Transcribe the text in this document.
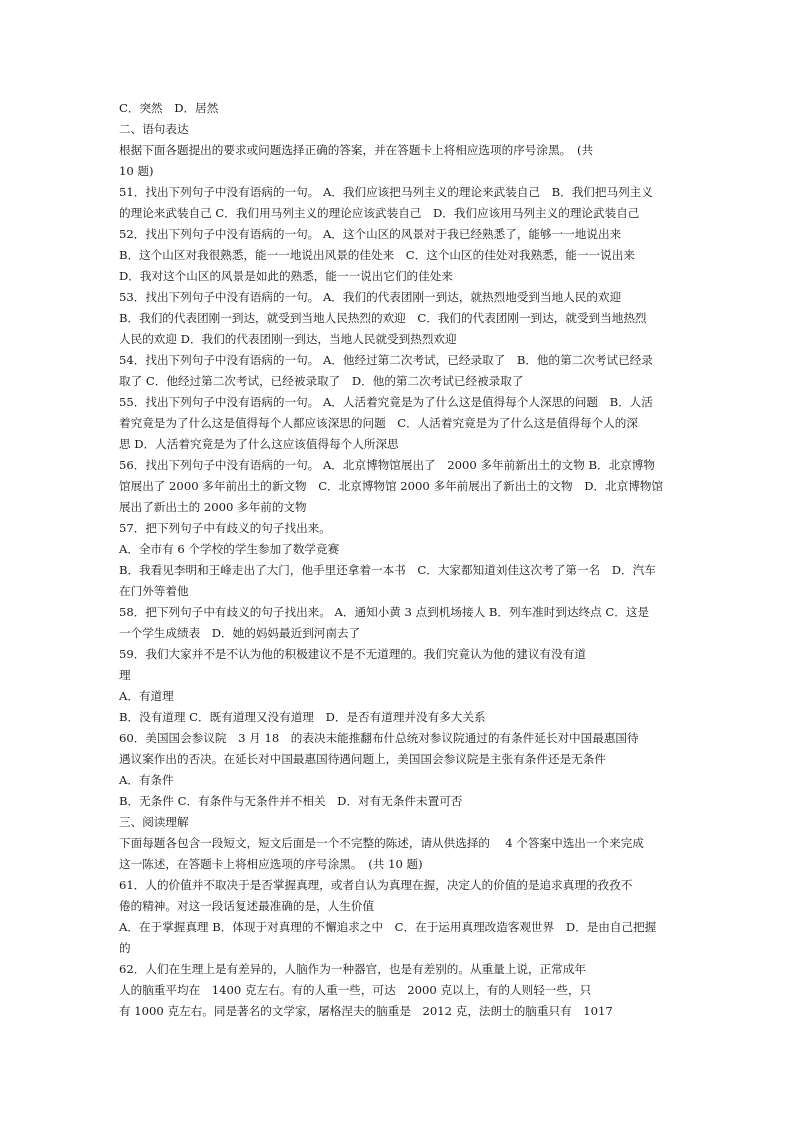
C．突然　D．居然
二、语句表达
根据下面各题提出的要求或问题选择正确的答案，并在答题卡上将相应选项的序号涂黑。　(共
10 题)
51．找出下列句子中没有语病的一句。 A．我们应该把马列主义的理论来武装自己　B．我们把马列主义
的理论来武装自己 C．我们用马列主义的理论应该武装自己　D．我们应该用马列主义的理论武装自己
52．找出下列句子中没有语病的一句。 A．这个山区的风景对于我已经熟悉了，能够一一地说出来
B．这个山区对我很熟悉，能一一地说出风景的佳处来　C．这个山区的佳处对我熟悉，能一一说出来
D．我对这个山区的风景是如此的熟悉，能一一说出它们的佳处来
53．找出下列句子中没有语病的一句。 A．我们的代表团刚一到达，就热烈地受到当地人民的欢迎
B．我们的代表团刚一到达，就受到当地人民热烈的欢迎　C．我们的代表团刚一到达，就受到当地热烈
人民的欢迎 D．我们的代表团刚一到达，当地人民就受到热烈欢迎
54．找出下列句子中没有语病的一句。 A．他经过第二次考试，已经录取了　B．他的第二次考试已经录
取了 C．他经过第二次考试，已经被录取了　D．他的第二次考试已经被录取了
55．找出下列句子中没有语病的一句。 A．人活着究竟是为了什么这是值得每个人深思的问题　B．人活
着究竟是为了什么这是值得每个人都应该深思的问题　C．人活着究竟是为了什么这是值得每个人的深
思 D．人活着究竟是为了什么这应该值得每个人所深思
56．找出下列句子中没有语病的一句。 A．北京博物馆展出了　2000 多年前新出土的文物 B．北京博物
馆展出了 2000 多年前出土的新文物　C．北京博物馆 2000 多年前展出了新出土的文物　D．北京博物馆
展出了新出土的 2000 多年前的文物
57．把下列句子中有歧义的句子找出来。
A．全市有 6 个学校的学生参加了数学竞赛
B．我看见李明和王峰走出了大门，他手里还拿着一本书　C．大家都知道刘佳这次考了第一名　D．汽车
在门外等着他
58．把下列句子中有歧义的句子找出来。 A．通知小黄 3 点到机场接人 B．列车准时到达终点 C．这是
一个学生成绩表　D．她的妈妈最近到河南去了
59．我们大家并不是不认为他的积极建议不是不无道理的。我们究竟认为他的建议有没有道
理
A．有道理
B．没有道理 C．既有道理又没有道理　D．是否有道理并没有多大关系
60．美国国会参议院　3 月 18　的表决未能推翻布什总统对参议院通过的有条件延长对中国最惠国待
遇议案作出的否决。在延长对中国最惠国待遇问题上，美国国会参议院是主张有条件还是无条件
A．有条件
B．无条件 C．有条件与无条件并不相关　D．对有无条件未置可否
三、阅读理解
下面每题各包含一段短文，短文后面是一个不完整的陈述，请从供选择的　 4 个答案中选出一个来完成
这一陈述，在答题卡上将相应选项的序号涂黑。　(共 10 题)
61．人的价值并不取决于是否掌握真理，或者自认为真理在握，决定人的价值的是追求真理的孜孜不
倦的精神。对这一段话复述最准确的是，人生价值
A．在于掌握真理 B．体现于对真理的不懈追求之中　C．在于运用真理改造客观世界　D．是由自己把握
的
62．人们在生理上是有差异的，人脑作为一种器官，也是有差别的。从重量上说，正常成年
人的脑重平均在　1400 克左右。有的人重一些，可达　2000 克以上，有的人则轻一些，只
有 1000 克左右。同是著名的文学家，屠格涅夫的脑重是　2012 克，法朗士的脑重只有　1017
